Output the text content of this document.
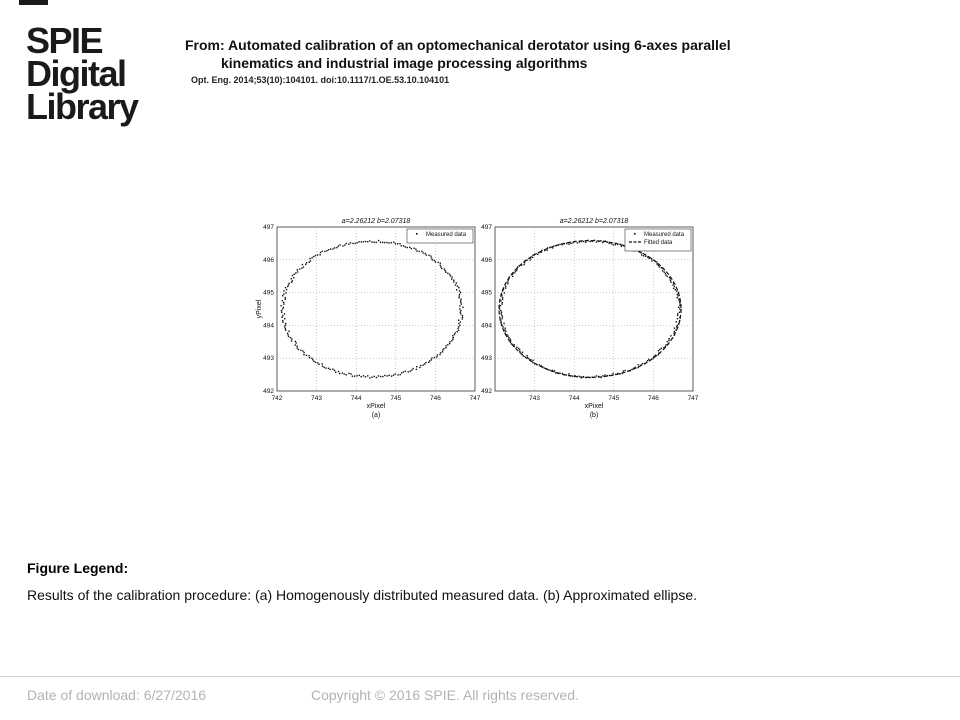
SPIE
Digital
Library
From: Automated calibration of an optomechanical derotator using 6-axes parallel
kinematics and industrial image processing algorithms
Opt. Eng. 2014;53(10):104101. doi:10.1117/1.OE.53.10.104101
742	743	744	745	746	747
492
493
494
495
496
497
a=2.26212 b=2.07318
xPixel
yPixel
(a)
Measured data
743	744	745	746	747
492
493
494
495
496
497
a=2.26212 b=2.07318
xPixel
(b)
Measured data
Fitted data
Figure Legend:
Results of the calibration procedure: (a) Homogenously distributed measured data. (b) Approximated ellipse.
Date of download: 6/27/2016	Copyright © 2016 SPIE. All rights reserved.
